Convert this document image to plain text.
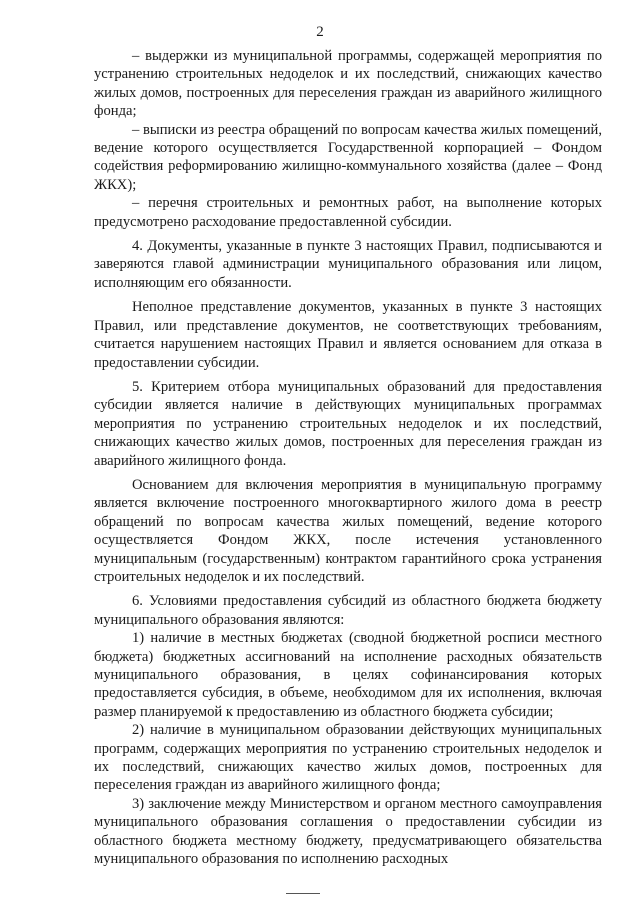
2

– выдержки из муниципальной программы, содержащей мероприятия по устранению строительных недоделок и их последствий, снижающих качество жилых домов, построенных для переселения граждан из аварийного жилищного фонда;

– выписки из реестра обращений по вопросам качества жилых помещений, ведение которого осуществляется Государственной корпорацией – Фондом содействия реформированию жилищно-коммунального хозяйства (далее – Фонд ЖКХ);

– перечня строительных и ремонтных работ, на выполнение которых предусмотрено расходование предоставленной субсидии.

4. Документы, указанные в пункте 3 настоящих Правил, подписываются и заверяются главой администрации муниципального образования или лицом, исполняющим его обязанности.

Неполное представление документов, указанных в пункте 3 настоящих Правил, или представление документов, не соответствующих требованиям, считается нарушением настоящих Правил и является основанием для отказа в предоставлении субсидии.

5. Критерием отбора муниципальных образований для предоставления субсидии является наличие в действующих муниципальных программах мероприятия по устранению строительных недоделок и их последствий, снижающих качество жилых домов, построенных для переселения граждан из аварийного жилищного фонда.

Основанием для включения мероприятия в муниципальную программу является включение построенного многоквартирного жилого дома в реестр обращений по вопросам качества жилых помещений, ведение которого осуществляется Фондом ЖКХ, после истечения установленного муниципальным (государственным) контрактом гарантийного срока устранения строительных недоделок и их последствий.

6. Условиями предоставления субсидий из областного бюджета бюджету муниципального образования являются:

1) наличие в местных бюджетах (сводной бюджетной росписи местного бюджета) бюджетных ассигнований на исполнение расходных обязательств муниципального образования, в целях софинансирования которых предоставляется субсидия, в объеме, необходимом для их исполнения, включая размер планируемой к предоставлению из областного бюджета субсидии;

2) наличие в муниципальном образовании действующих муниципальных программ, содержащих мероприятия по устранению строительных недоделок и их последствий, снижающих качество жилых домов, построенных для переселения граждан из аварийного жилищного фонда;

3) заключение между Министерством и органом местного самоуправления муниципального образования соглашения о предоставлении субсидии из областного бюджета местному бюджету, предусматривающего обязательства муниципального образования по исполнению расходных
